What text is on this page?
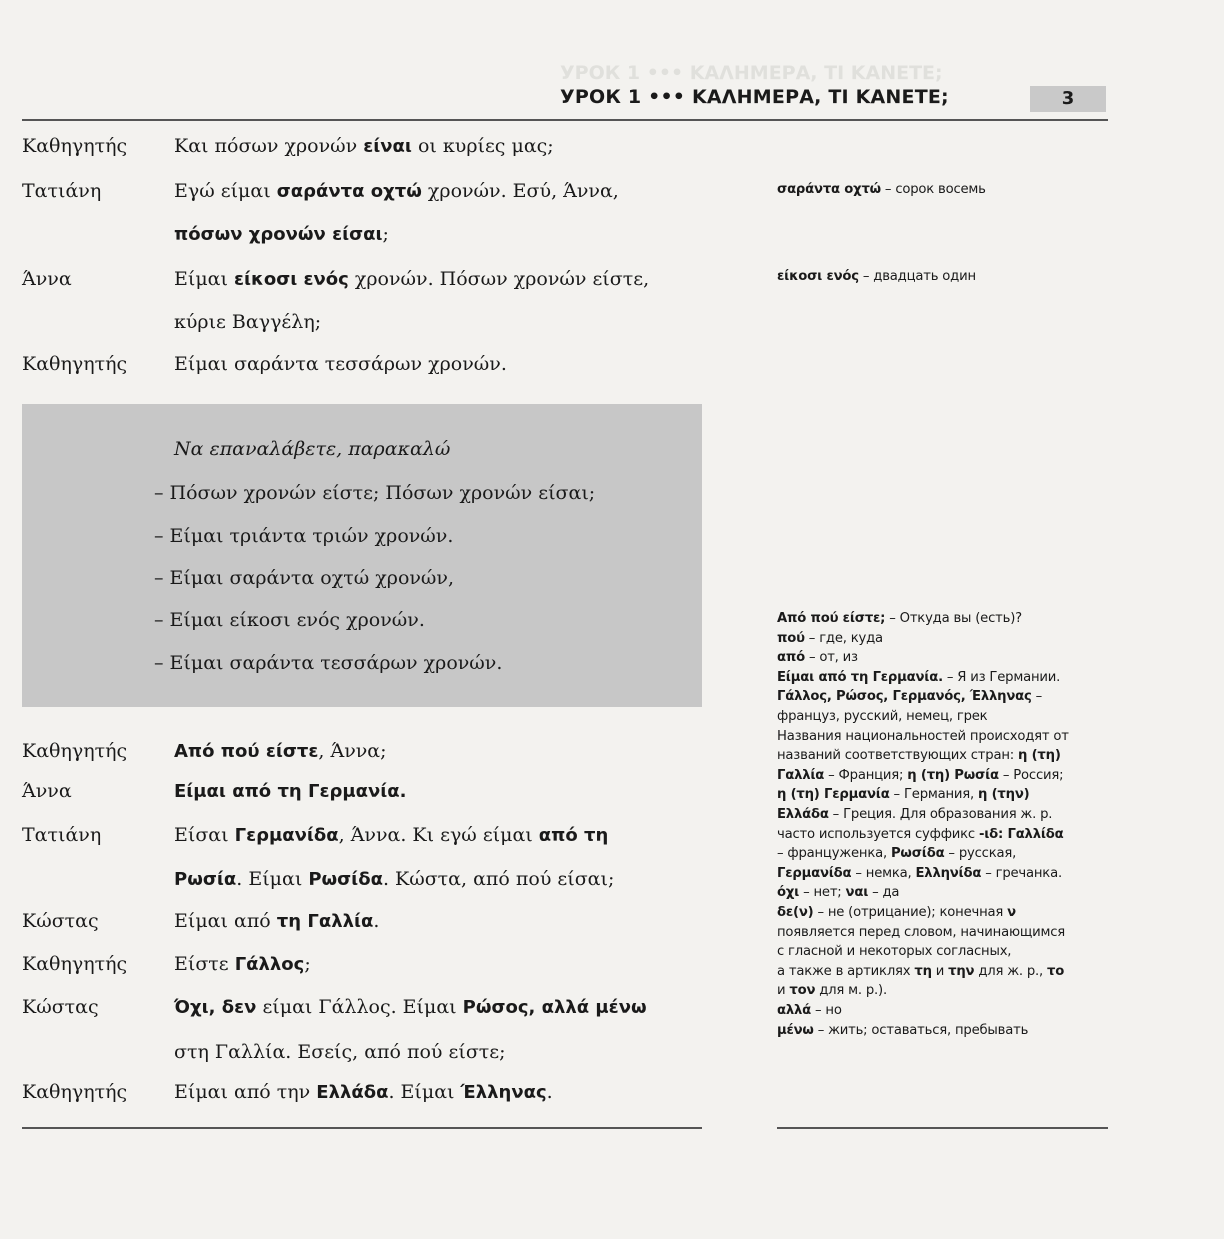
УРОК 1 ••• ΚΑΛΗΜΕΡΑ, ΤΙ ΚΑΝΕΤΕ;
УРОК 1 ••• ΚΑΛΗΜΕΡΑ, ΤΙ ΚΑΝΕΤΕ;	3
Καθηγητής Και πόσων χρονών είναι οι κυρίες μας;
Τατιάνη	Εγώ είμαι σαράντα οχτώ χρονών. Εσύ, Άννα,
πόσων χρονών είσαι;
Άννα	Είμαι είκοσι ενός χρονών. Πόσων χρονών είστε,
κύριε Βαγγέλη;
Καθηγητής Είμαι σαράντα τεσσάρων χρονών.
Να επαναλάβετε, παρακαλώ
– Πόσων χρονών είστε; Πόσων χρονών είσαι;
– Είμαι τριάντα τριών χρονών.
– Είμαι σαράντα οχτώ χρονών,
– Είμαι είκοσι ενός χρονών.
– Είμαι σαράντα τεσσάρων χρονών.
Καθηγητής	Από πού είστε, Άννα;
Άννα	Είμαι από τη Γερμανία.
Τατιάνη	Είσαι Γερμανίδα, Άννα. Κι εγώ είμαι από τη
Ρωσία. Είμαι Ρωσίδα. Κώστα, από πού είσαι;
Κώστας	Είμαι από τη Γαλλία.
Καθηγητής Είστε Γάλλος;
Κώστας	Όχι, δεν είμαι Γάλλος. Είμαι Ρώσος, αλλά μένω
στη Γαλλία. Εσείς, από πού είστε;
Καθηγητής Είμαι από την Ελλάδα. Είμαι Έλληνας.
σαράντα οχτώ – сорок восемь
είκοσι ενός – двадцать один
Από πού είστε; – Откуда вы (есть)?
πού – где, куда
από – от, из
Είμαι από τη Γερμανία. – Я из Германии.
Γάλλος, Ρώσος, Γερμανός, Έλληνας –
француз, русский, немец, грек
Названия национальностей происходят от
названий соответствующих стран: η (τη)
Γαλλία – Франция; η (τη) Ρωσία – Россия;
η (τη) Γερμανία – Германия, η (την)
Ελλάδα – Греция. Для образования ж. р.
часто используется суффикс -ιδ: Γαλλίδα
– француженка, Ρωσίδα – русская,
Γερμανίδα – немка, Ελληνίδα – гречанка.
όχι – нет; ναι – да
δε(ν) – не (отрицание); конечная ν
появляется перед словом, начинающимся
с гласной и некоторых согласных,
а также в артиклях τη и την для ж. р., το
и τον для м. р.).
αλλά – но
μένω – жить; оставаться, пребывать
